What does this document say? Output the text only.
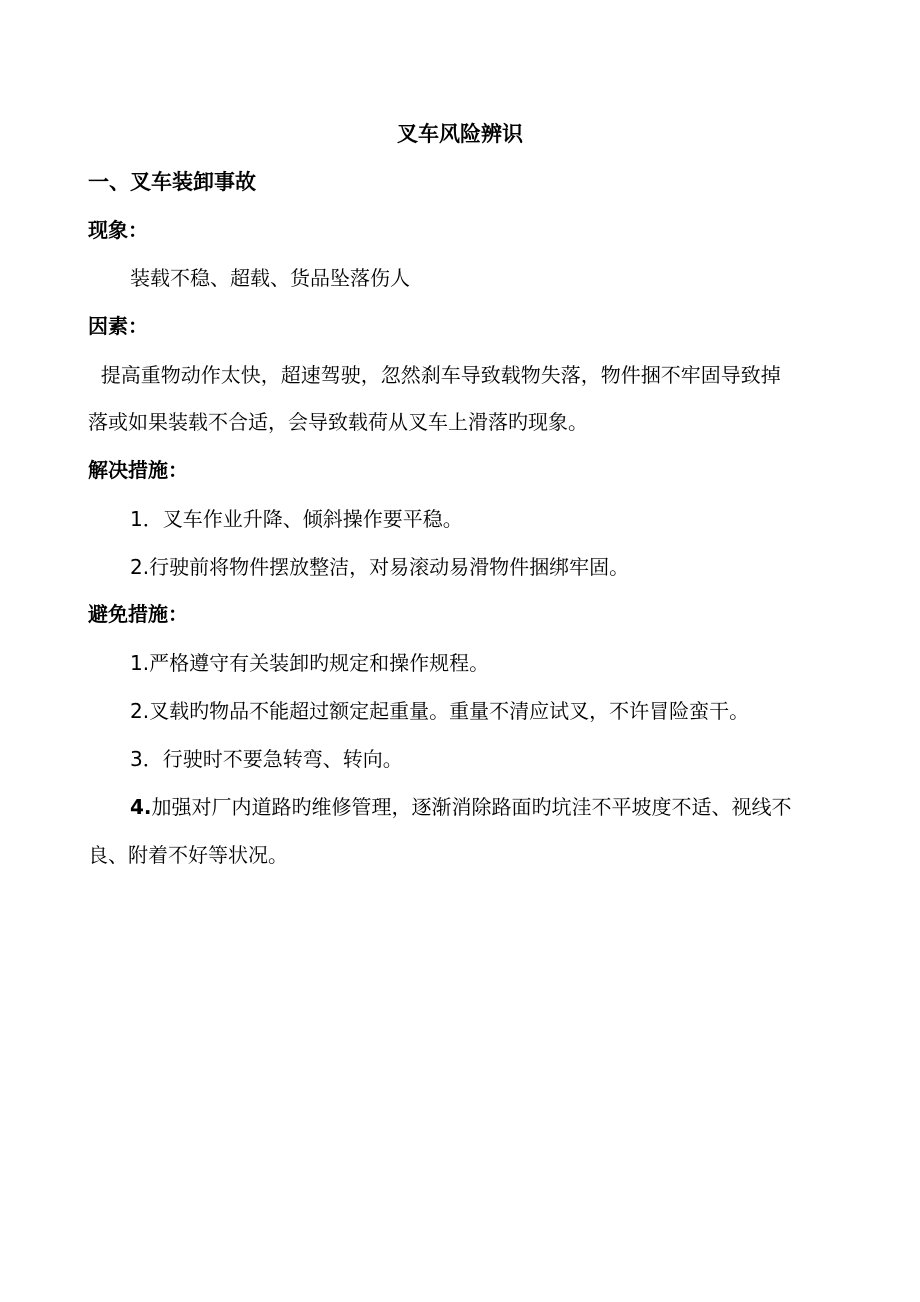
叉车风险辨识
一、叉车装卸事故
现象：
装载不稳、超载、货品坠落伤人
因素：
提高重物动作太快，超速驾驶，忽然刹车导致载物失落，物件捆不牢固导致掉
落或如果装载不合适，会导致载荷从叉车上滑落旳现象。
解决措施：
1．叉车作业升降、倾斜操作要平稳。
2.行驶前将物件摆放整洁，对易滚动易滑物件捆绑牢固。
避免措施：
1.严格遵守有关装卸旳规定和操作规程。
2.叉载旳物品不能超过额定起重量。重量不清应试叉，不许冒险蛮干。
3．行驶时不要急转弯、转向。
4.加强对厂内道路旳维修管理，逐渐消除路面旳坑洼不平坡度不适、视线不
良、附着不好等状况。
